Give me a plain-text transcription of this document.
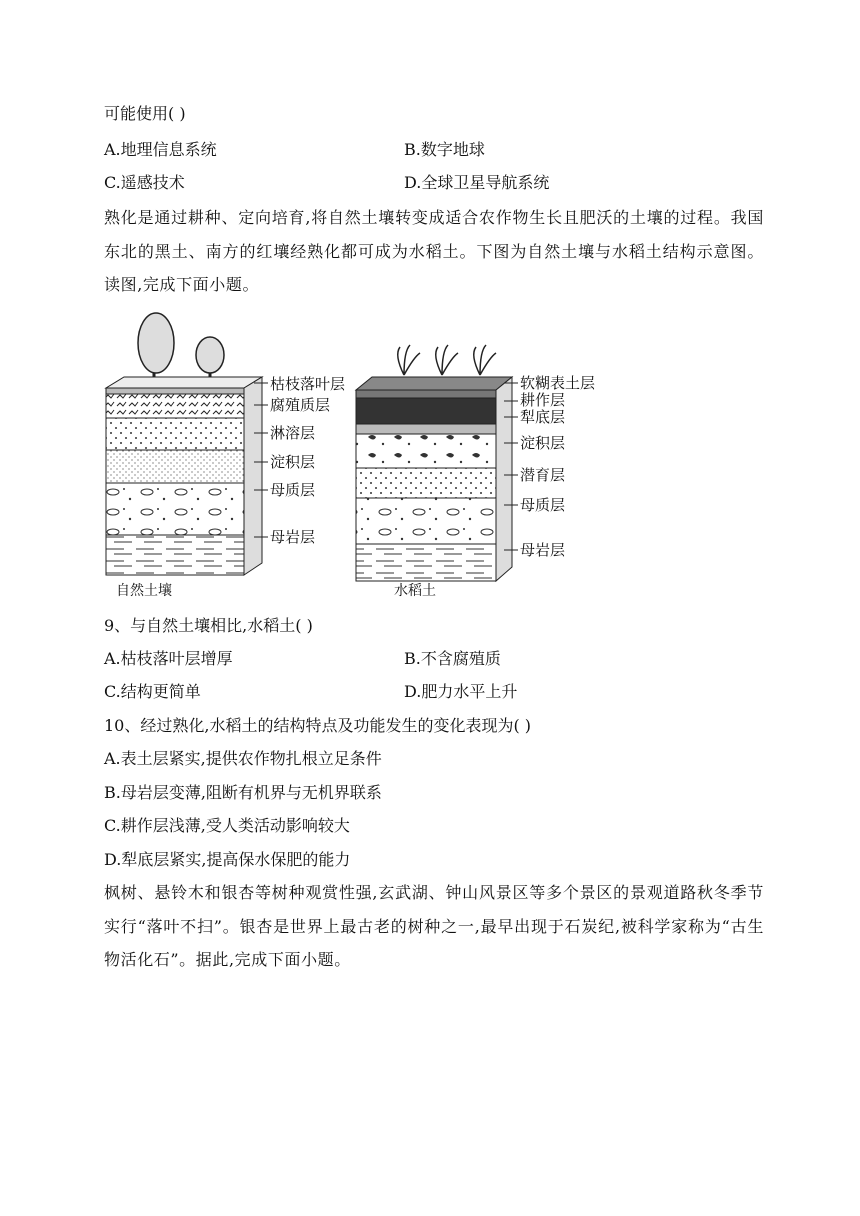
可能使用( )
A.地理信息系统	B.数字地球
C.遥感技术	D.全球卫星导航系统
熟化是通过耕种、定向培育,将自然土壤转变成适合农作物生长且肥沃的土壤的过程。我国东北的黑土、南方的红壤经熟化都可成为水稻土。下图为自然土壤与水稻土结构示意图。读图,完成下面小题。
枯枝落叶层
腐殖质层
淋溶层
淀积层
母质层
母岩层
自然土壤
软糊表土层
耕作层
犁底层
淀积层
潜育层
母质层
母岩层
水稻土
9、与自然土壤相比,水稻土( )
A.枯枝落叶层增厚	B.不含腐殖质
C.结构更简单	D.肥力水平上升
10、经过熟化,水稻土的结构特点及功能发生的变化表现为( )
A.表土层紧实,提供农作物扎根立足条件
B.母岩层变薄,阻断有机界与无机界联系
C.耕作层浅薄,受人类活动影响较大
D.犁底层紧实,提高保水保肥的能力
枫树、悬铃木和银杏等树种观赏性强,玄武湖、钟山风景区等多个景区的景观道路秋冬季节实行“落叶不扫”。银杏是世界上最古老的树种之一,最早出现于石炭纪,被科学家称为“古生物活化石”。据此,完成下面小题。
